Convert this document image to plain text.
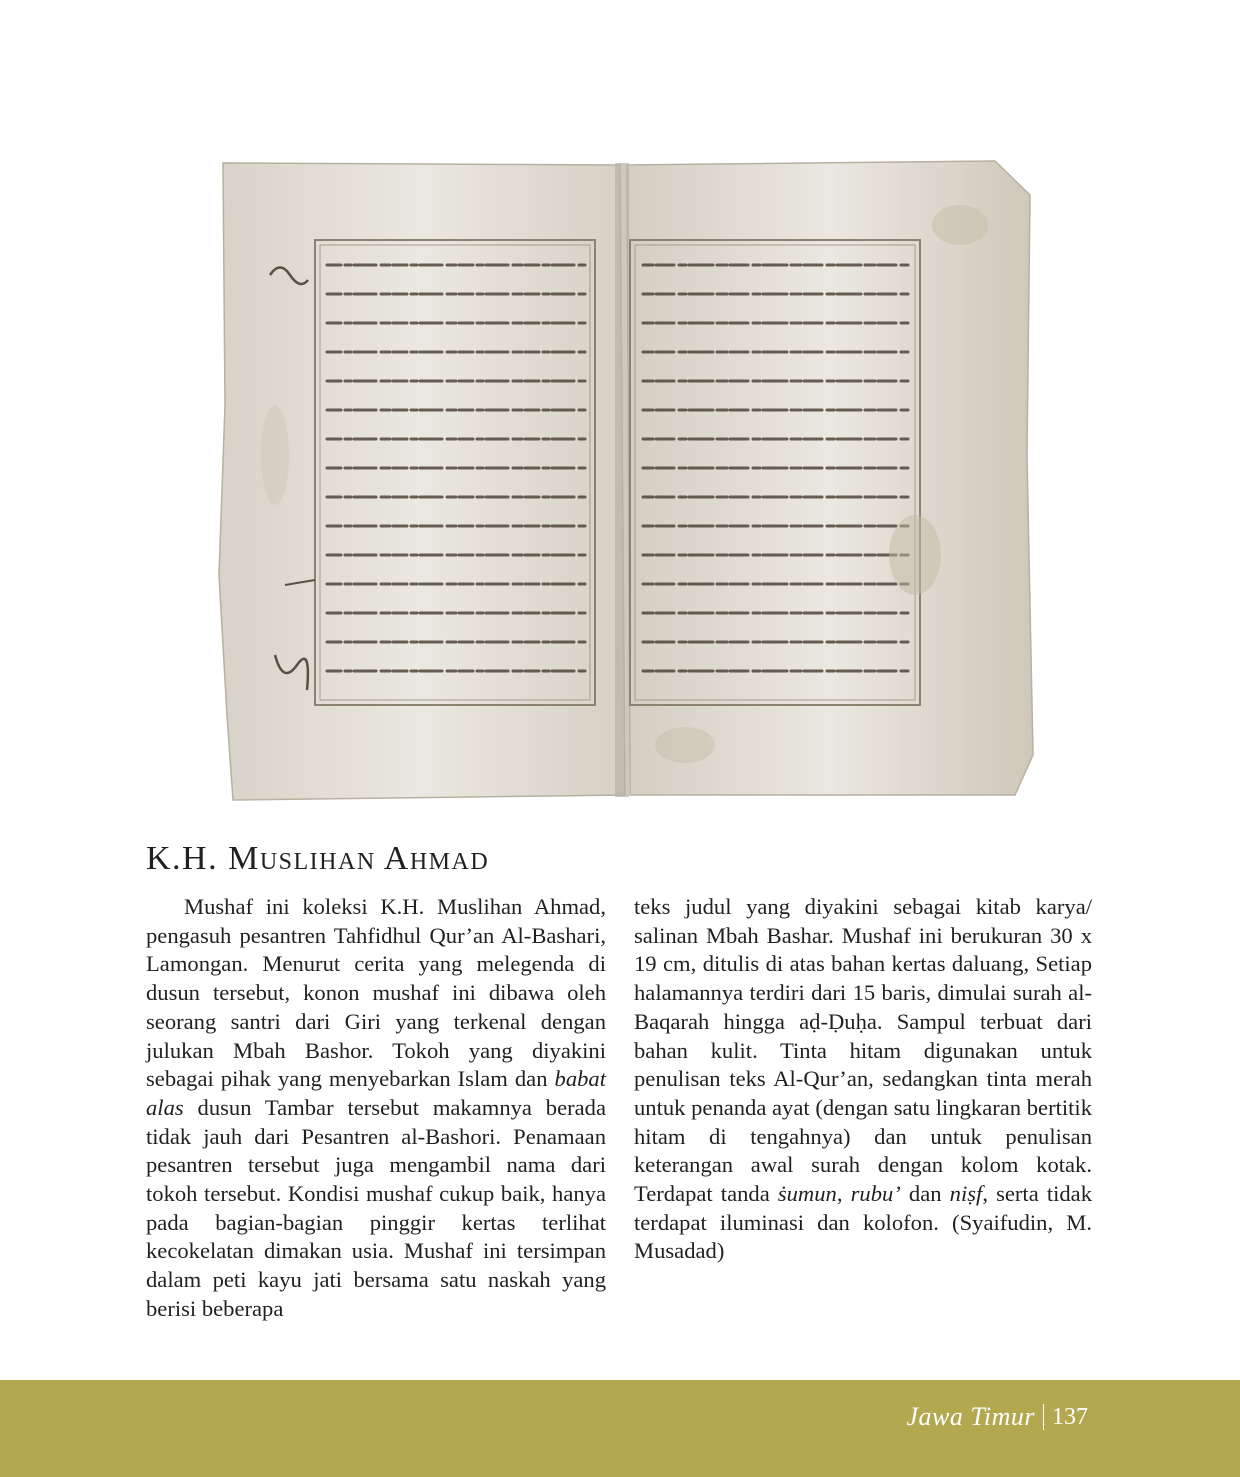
K.H. Muslihan Ahmad

Mushaf ini koleksi K.H. Muslihan Ahmad, pengasuh pesantren Tahfidhul Qur’an Al-Bashari, Lamongan. Menurut cerita yang melegenda di dusun tersebut, konon mushaf ini dibawa oleh seorang santri dari Giri yang terkenal dengan julukan Mbah Bashor. Tokoh yang diyakini sebagai pihak yang menyebarkan Islam dan babat alas dusun Tambar tersebut makamnya berada tidak jauh dari Pesantren al-Bashori. Penamaan pesantren tersebut juga mengambil nama dari tokoh tersebut. Kondisi mushaf cukup baik, hanya pada bagian-bagian pinggir kertas terlihat kecokelatan dimakan usia. Mushaf ini tersimpan dalam peti kayu jati bersama satu naskah yang berisi beberapa

teks judul yang diyakini sebagai kitab karya/ salinan Mbah Bashar. Mushaf ini berukuran 30 x 19 cm, ditulis di atas bahan kertas daluang, Setiap halamannya terdiri dari 15 baris, dimulai surah al-Baqarah hingga aḍ-Ḍuḥa. Sampul terbuat dari bahan kulit. Tinta hitam digunakan untuk penulisan teks Al-Qur’an, sedangkan tinta merah untuk penanda ayat (dengan satu lingkaran bertitik hitam di tengahnya) dan untuk penulisan keterangan awal surah dengan kolom kotak. Terdapat tanda ṡumun, rubu’ dan niṣf, serta tidak terdapat iluminasi dan kolofon. (Syaifudin, M. Musadad)

Jawa Timur 137
